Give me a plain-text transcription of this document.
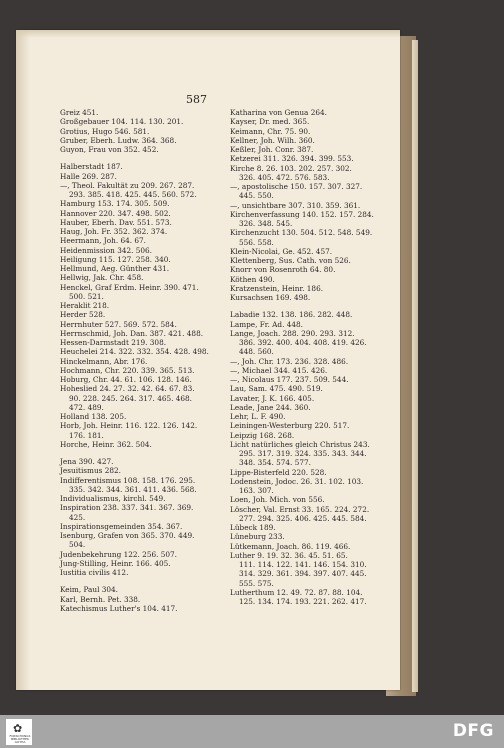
587
Greiz 451.
Großgebauer 104. 114. 130. 201.
Grotius, Hugo 546. 581.
Gruber, Eberh. Ludw. 364. 368.
Guyon, Frau von 352. 452.
Halberstadt 187.
Halle 269. 287.
—, Theol. Fakultät zu 209. 267. 287.
293. 385. 418. 425. 445. 560. 572.
Hamburg 153. 174. 305. 509.
Hannover 220. 347. 498. 502.
Hauber, Eberh. Dav. 551. 573.
Haug, Joh. Fr. 352. 362. 374.
Heermann, Joh. 64. 67.
Heidenmission 342. 506.
Heiligung 115. 127. 258. 340.
Hellmund, Aeg. Günther 431.
Hellwig, Jak. Chr. 458.
Henckel, Graf Erdm. Heinr. 390. 471.
500. 521.
Heraklit 218.
Herder 528.
Herrnhuter 527. 569. 572. 584.
Herrnschmid, Joh. Dan. 387. 421. 488.
Hessen-Darmstadt 219. 308.
Heuchelei 214. 322. 332. 354. 428. 498.
Hinckelmann, Abr. 176.
Hochmann, Chr. 220. 339. 365. 513.
Hoburg, Chr. 44. 61. 106. 128. 146.
Hoheslied 24. 27. 32. 42. 64. 67. 83.
90. 228. 245. 264. 317. 465. 468.
472. 489.
Holland 138. 205.
Horb, Joh. Heinr. 116. 122. 126. 142.
176. 181.
Horche, Heinr. 362. 504.
Jena 390. 427.
Jesuitismus 282.
Indifferentismus 108. 158. 176. 295.
335. 342. 344. 361. 411. 436. 568.
Individualismus, kirchl. 549.
Inspiration 238. 337. 341. 367. 369.
425.
Inspirationsgemeinden 354. 367.
Isenburg, Grafen von 365. 370. 449.
504.
Judenbekehrung 122. 256. 507.
Jung-Stilling, Heinr. 166. 405.
Iustitia civilis 412.
Keim, Paul 304.
Karl, Bernh. Pet. 338.
Katechismus Luther's 104. 417.
Katharina von Genua 264.
Kayser, Dr. med. 365.
Keimann, Chr. 75. 90.
Kellner, Joh. Wilh. 360.
Keßler, Joh. Conr. 387.
Ketzerei 311. 326. 394. 399. 553.
Kirche 8. 26. 103. 202. 257. 302.
326. 405. 472. 576. 583.
—, apostolische 150. 157. 307. 327.
445. 550.
—, unsichtbare 307. 310. 359. 361.
Kirchenverfassung 140. 152. 157. 284.
326. 348. 545.
Kirchenzucht 130. 504. 512. 548. 549.
556. 558.
Klein-Nicolai, Ge. 452. 457.
Klettenberg, Sus. Cath. von 526.
Knorr von Rosenroth 64. 80.
Köthen 490.
Kratzenstein, Heinr. 186.
Kursachsen 169. 498.
Labadie 132. 138. 186. 282. 448.
Lampe, Fr. Ad. 448.
Lange, Joach. 288. 290. 293. 312.
386. 392. 400. 404. 408. 419. 426.
448. 560.
—, Joh. Chr. 173. 236. 328. 486.
—, Michael 344. 415. 426.
—, Nicolaus 177. 237. 509. 544.
Lau, Sam. 475. 490. 519.
Lavater, J. K. 166. 405.
Leade, Jane 244. 360.
Lehr, L. F. 490.
Leiningen-Westerburg 220. 517.
Leipzig 168. 268.
Licht natürliches gleich Christus 243.
295. 317. 319. 324. 335. 343. 344.
348. 354. 574. 577.
Lippe-Bisterfeld 220. 528.
Lodenstein, Jodoc. 26. 31. 102. 103.
163. 307.
Loen, Joh. Mich. von 556.
Löscher, Val. Ernst 33. 165. 224. 272.
277. 294. 325. 406. 425. 445. 584.
Lübeck 189.
Lüneburg 233.
Lütkemann, Joach. 86. 119. 466.
Luther 9. 19. 32. 36. 45. 51. 65.
111. 114. 122. 141. 146. 154. 310.
314. 329. 361. 394. 397. 407. 445.
555. 575.
Lutherthum 12. 49. 72. 87. 88. 104.
125. 134. 174. 193. 221. 262. 417.
✿
FORSCHUNGS BIBLIOTHEK GOTHA
DFG
